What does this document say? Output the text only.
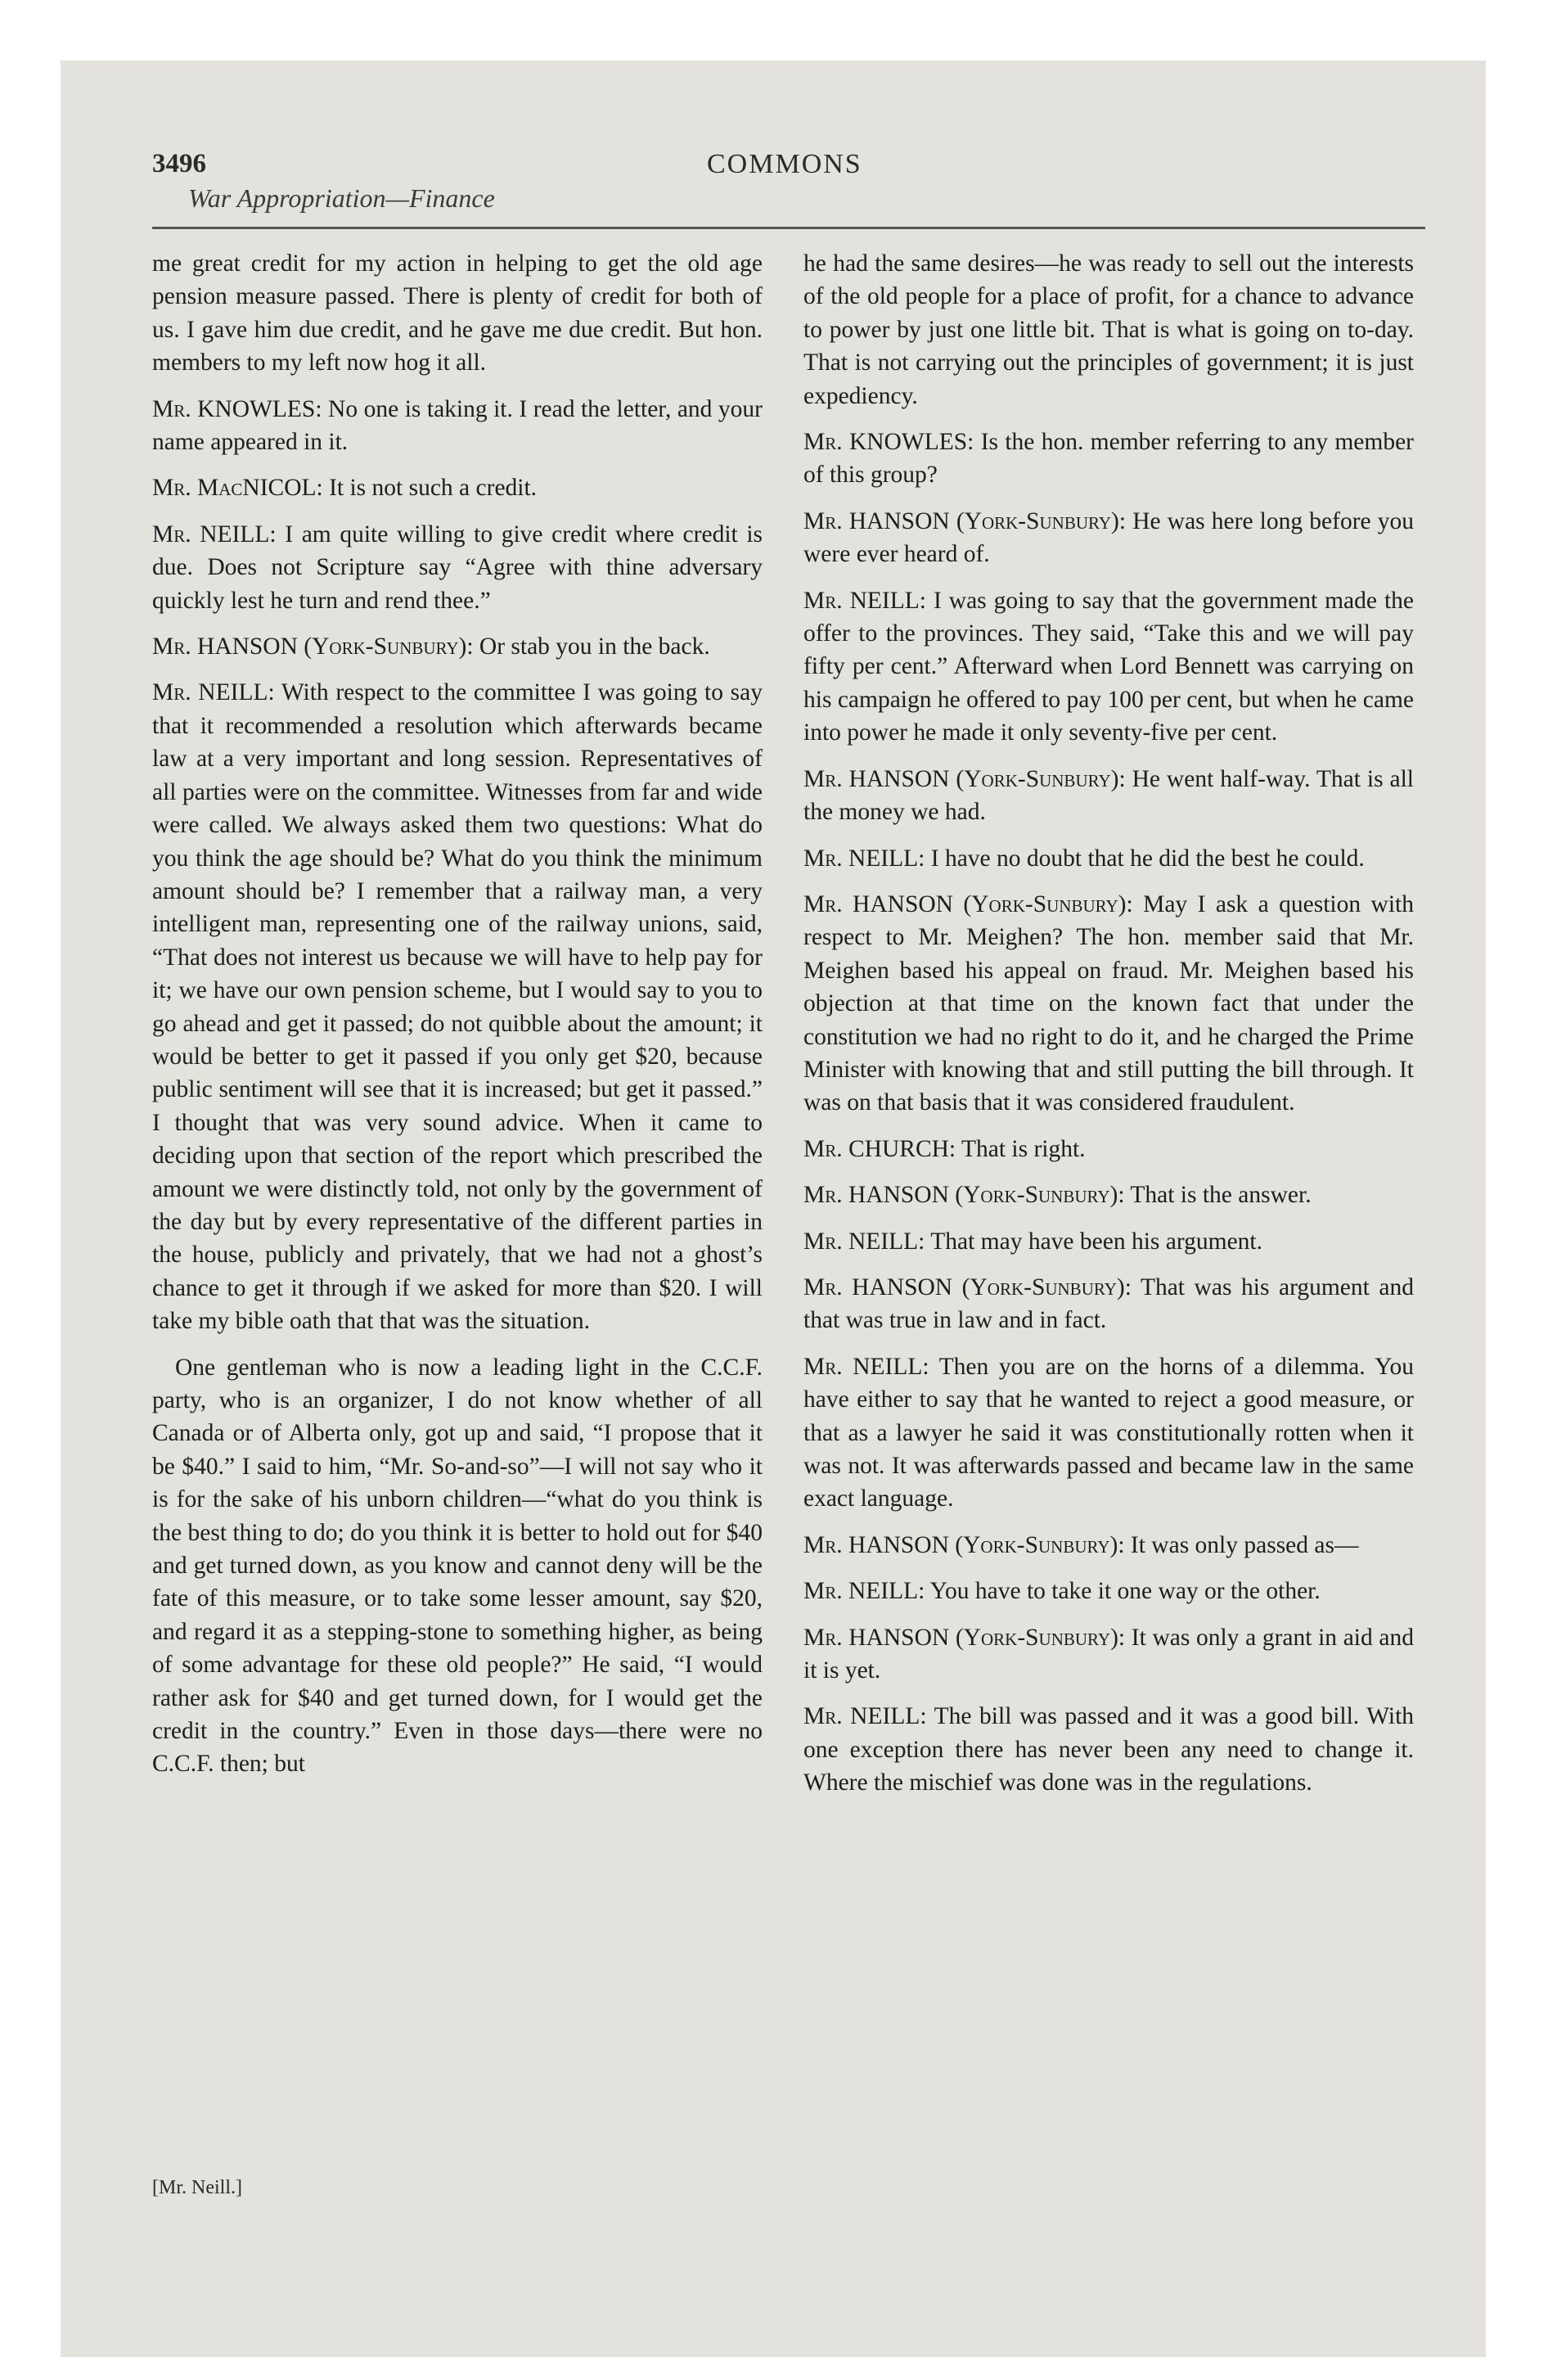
3496	COMMONS
War Appropriation—Finance

me great credit for my action in helping to get the old age pension measure passed. There is plenty of credit for both of us. I gave him due credit, and he gave me due credit. But hon. members to my left now hog it all.

Mr. KNOWLES: No one is taking it. I read the letter, and your name appeared in it.

Mr. MacNICOL: It is not such a credit.

Mr. NEILL: I am quite willing to give credit where credit is due. Does not Scripture say “Agree with thine adversary quickly lest he turn and rend thee.”

Mr. HANSON (York-Sunbury): Or stab you in the back.

Mr. NEILL: With respect to the committee I was going to say that it recommended a resolution which afterwards became law at a very important and long session. Representatives of all parties were on the committee. Witnesses from far and wide were called. We always asked them two questions: What do you think the age should be? What do you think the minimum amount should be? I remember that a railway man, a very intelligent man, representing one of the railway unions, said, “That does not interest us because we will have to help pay for it; we have our own pension scheme, but I would say to you to go ahead and get it passed; do not quibble about the amount; it would be better to get it passed if you only get $20, because public sentiment will see that it is increased; but get it passed.” I thought that was very sound advice. When it came to deciding upon that section of the report which prescribed the amount we were distinctly told, not only by the government of the day but by every representative of the different parties in the house, publicly and privately, that we had not a ghost’s chance to get it through if we asked for more than $20. I will take my bible oath that that was the situation.

One gentleman who is now a leading light in the C.C.F. party, who is an organizer, I do not know whether of all Canada or of Alberta only, got up and said, “I propose that it be $40.” I said to him, “Mr. So-and-so”—I will not say who it is for the sake of his unborn children—“what do you think is the best thing to do; do you think it is better to hold out for $40 and get turned down, as you know and cannot deny will be the fate of this measure, or to take some lesser amount, say $20, and regard it as a stepping-stone to something higher, as being of some advantage for these old people?” He said, “I would rather ask for $40 and get turned down, for I would get the credit in the country.” Even in those days—there were no C.C.F. then; but

he had the same desires—he was ready to sell out the interests of the old people for a place of profit, for a chance to advance to power by just one little bit. That is what is going on to-day. That is not carrying out the principles of government; it is just expediency.

Mr. KNOWLES: Is the hon. member referring to any member of this group?

Mr. HANSON (York-Sunbury): He was here long before you were ever heard of.

Mr. NEILL: I was going to say that the government made the offer to the provinces. They said, “Take this and we will pay fifty per cent.” Afterward when Lord Bennett was carrying on his campaign he offered to pay 100 per cent, but when he came into power he made it only seventy-five per cent.

Mr. HANSON (York-Sunbury): He went half-way. That is all the money we had.

Mr. NEILL: I have no doubt that he did the best he could.

Mr. HANSON (York-Sunbury): May I ask a question with respect to Mr. Meighen? The hon. member said that Mr. Meighen based his appeal on fraud. Mr. Meighen based his objection at that time on the known fact that under the constitution we had no right to do it, and he charged the Prime Minister with knowing that and still putting the bill through. It was on that basis that it was considered fraudulent.

Mr. CHURCH: That is right.

Mr. HANSON (York-Sunbury): That is the answer.

Mr. NEILL: That may have been his argument.

Mr. HANSON (York-Sunbury): That was his argument and that was true in law and in fact.

Mr. NEILL: Then you are on the horns of a dilemma. You have either to say that he wanted to reject a good measure, or that as a lawyer he said it was constitutionally rotten when it was not. It was afterwards passed and became law in the same exact language.

Mr. HANSON (York-Sunbury): It was only passed as—

Mr. NEILL: You have to take it one way or the other.

Mr. HANSON (York-Sunbury): It was only a grant in aid and it is yet.

Mr. NEILL: The bill was passed and it was a good bill. With one exception there has never been any need to change it. Where the mischief was done was in the regulations.

[Mr. Neill.]
